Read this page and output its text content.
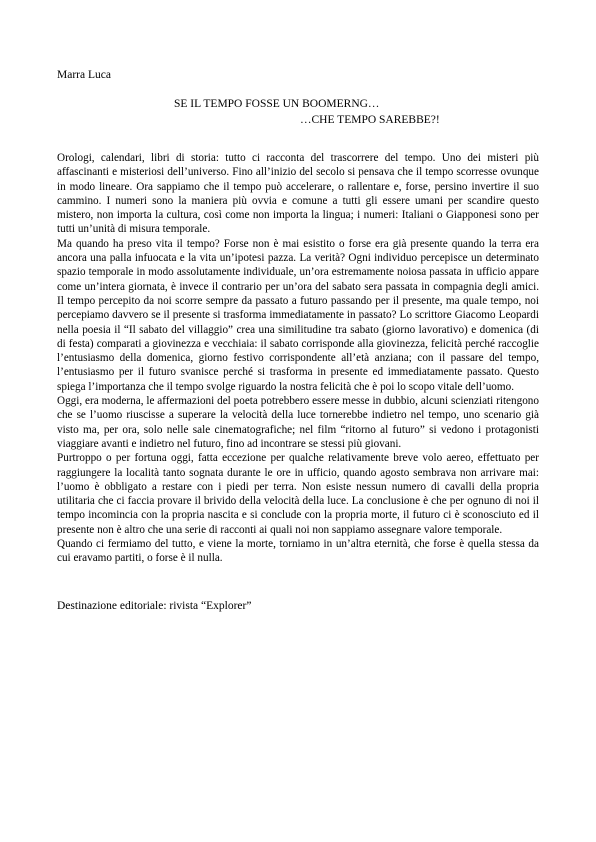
Marra Luca
SE IL TEMPO FOSSE UN BOOMERNG…
…CHE TEMPO SAREBBE?!

Orologi, calendari, libri di storia: tutto ci racconta del trascorrere del tempo. Uno dei misteri più affascinanti e misteriosi dell’universo. Fino all’inizio del secolo si pensava che il tempo scorresse ovunque in modo lineare. Ora sappiamo che il tempo può accelerare, o rallentare e, forse, persino invertire il suo cammino. I numeri sono la maniera più ovvia e comune a tutti gli essere umani per scandire questo mistero, non importa la cultura, così come non importa la lingua; i numeri: Italiani o Giapponesi sono per tutti un’unità di misura temporale.

Ma quando ha preso vita il tempo? Forse non è mai esistito o forse era già presente quando la terra era ancora una palla infuocata e la vita un’ipotesi pazza. La verità? Ogni individuo percepisce un determinato spazio temporale in modo assolutamente individuale, un’ora estremamente noiosa passata in ufficio appare come un’intera giornata, è invece il contrario per un’ora del sabato sera passata in compagnia degli amici. Il tempo percepito da noi scorre sempre da passato a futuro passando per il presente, ma quale tempo, noi percepiamo davvero se il presente si trasforma immediatamente in passato? Lo scrittore Giacomo Leopardi nella poesia il “Il sabato del villaggio” crea una similitudine tra sabato (giorno lavorativo) e domenica (di di festa) comparati a giovinezza e vecchiaia: il sabato corrisponde alla giovinezza, felicità perché raccoglie l’entusiasmo della domenica, giorno festivo corrispondente all’età anziana; con il passare del tempo, l’entusiasmo per il futuro svanisce perché si trasforma in presente ed immediatamente passato. Questo spiega l’importanza che il tempo svolge riguardo la nostra felicità che è poi lo scopo vitale dell’uomo.

Oggi, era moderna, le affermazioni del poeta potrebbero essere messe in dubbio, alcuni scienziati ritengono che se l’uomo riuscisse a superare la velocità della luce tornerebbe indietro nel tempo, uno scenario già visto ma, per ora, solo nelle sale cinematografiche; nel film “ritorno al futuro” si vedono i protagonisti viaggiare avanti e indietro nel futuro, fino ad incontrare se stessi più giovani.

Purtroppo o per fortuna oggi, fatta eccezione per qualche relativamente breve volo aereo, effettuato per raggiungere la località tanto sognata durante le ore in ufficio, quando agosto sembrava non arrivare mai: l’uomo è obbligato a restare con i piedi per terra. Non esiste nessun numero di cavalli della propria utilitaria che ci faccia provare il brivido della velocità della luce. La conclusione è che per ognuno di noi il tempo incomincia con la propria nascita e si conclude con la propria morte, il futuro ci è sconosciuto ed il presente non è altro che una serie di racconti ai quali noi non sappiamo assegnare valore temporale.

Quando ci fermiamo del tutto, e viene la morte, torniamo in un’altra eternità, che forse è quella stessa da cui eravamo partiti, o forse è il nulla.

Destinazione editoriale: rivista “Explorer”
